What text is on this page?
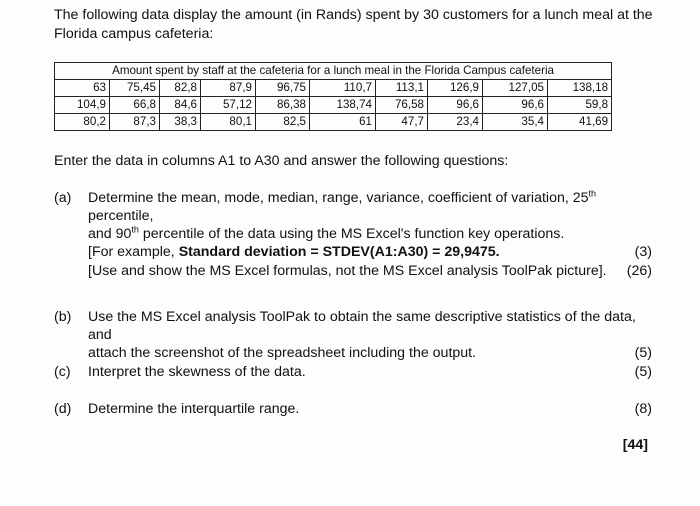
The following data display the amount (in Rands) spent by 30 customers for a lunch meal at the Florida campus cafeteria:
Amount spent by staff at the cafeteria for a lunch meal in the Florida Campus cafeteria									
63	75,45	82,8	87,9	96,75	110,7	113,1	126,9	127,05	138,18
104,9	66,8	84,6	57,12	86,38	138,74	76,58	96,6	96,6	59,8
80,2	87,3	38,3	80,1	82,5	61	47,7	23,4	35,4	41,69
Enter the data in columns A1 to A30 and answer the following questions:
(a) Determine the mean, mode, median, range, variance, coefficient of variation, 25th percentile,
and 90th percentile of the data using the MS Excel's function key operations.
[For example, Standard deviation = STDEV(A1:A30) = 29,9475.	(3)
[Use and show the MS Excel formulas, not the MS Excel analysis ToolPak picture]. (26)
(b) Use the MS Excel analysis ToolPak to obtain the same descriptive statistics of the data, and
attach the screenshot of the spreadsheet including the output.	(5)
(c) Interpret the skewness of the data.	(5)
(d) Determine the interquartile range.	(8)
[44]
